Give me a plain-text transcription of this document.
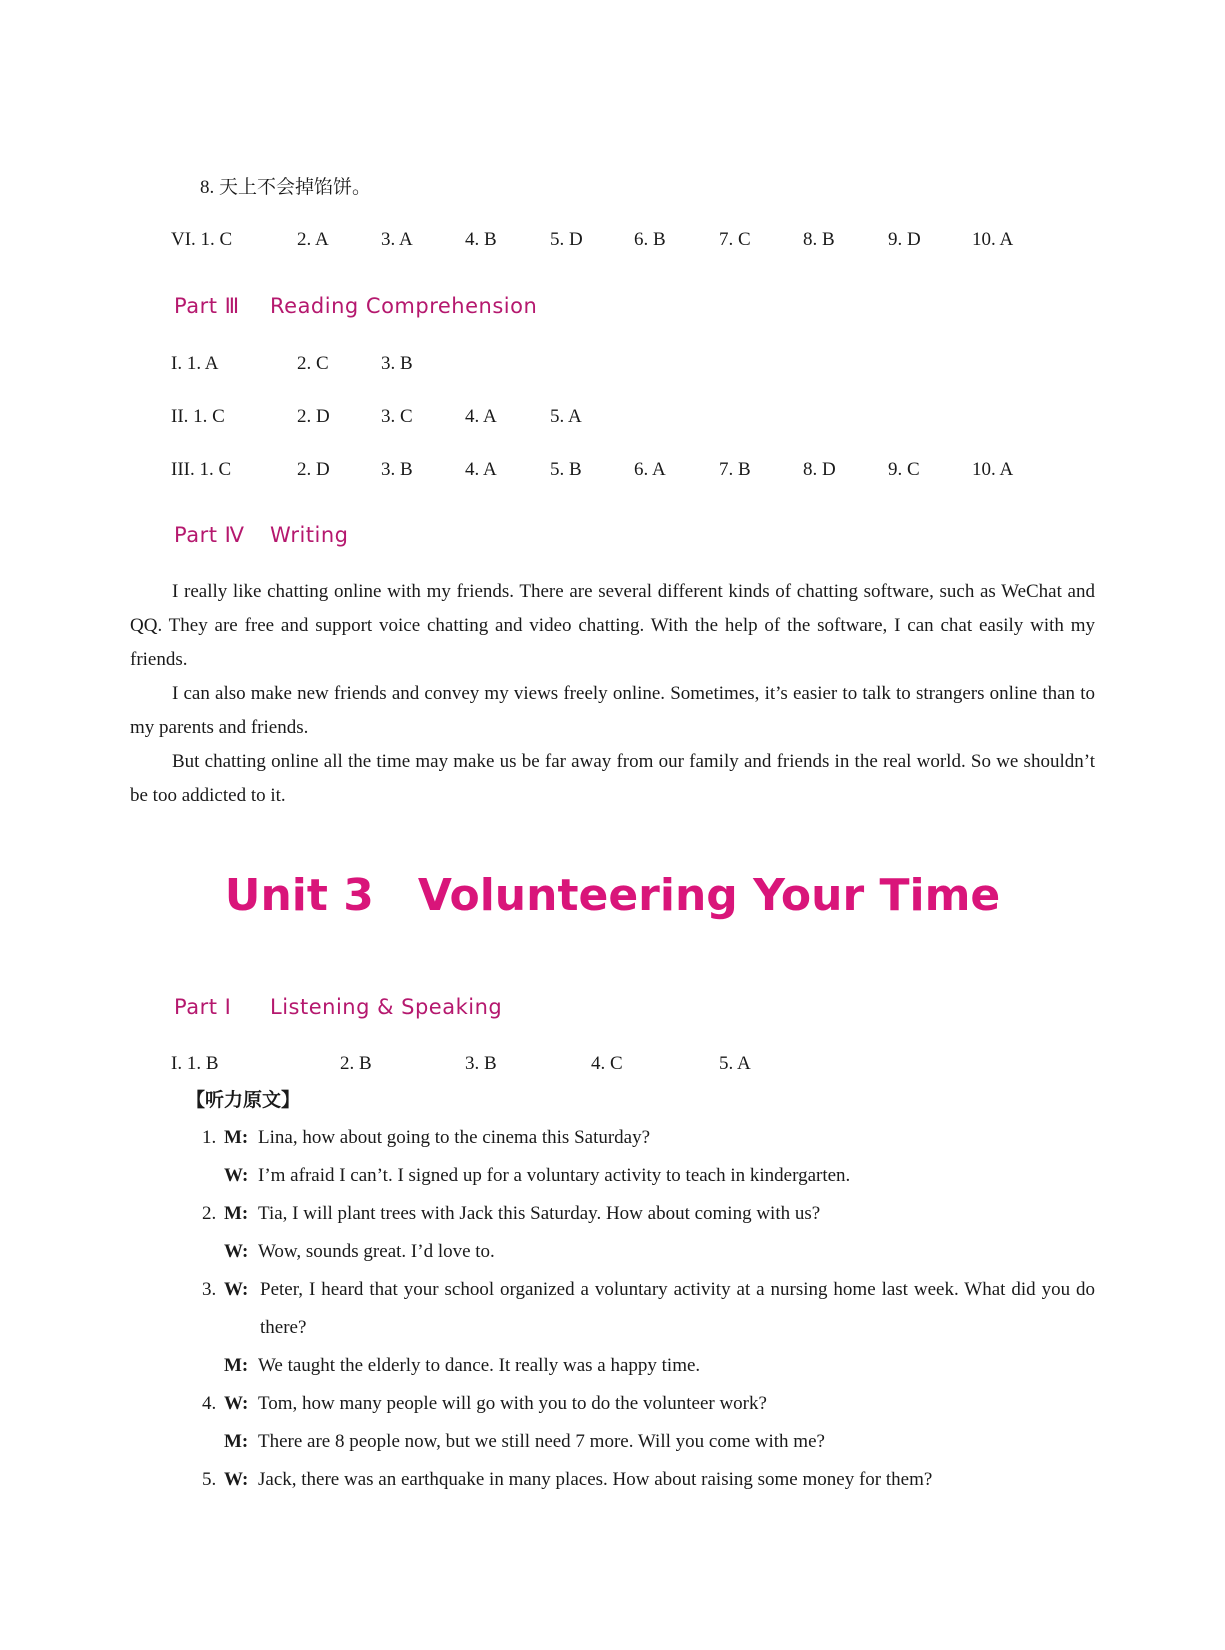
8. 天上不会掉馅饼。
VI. 1. C	2. A	3. A	4. B	5. D	6. B	7. C	8. B	9. D	10. A
Part Ⅲ Reading Comprehension
I. 1. A	2. C	3. B
II. 1. C	2. D	3. C	4. A	5. A
III. 1. C	2. D	3. B	4. A	5. B	6. A	7. B	8. D	9. C	10. A
Part Ⅳ Writing

I really like chatting online with my friends. There are several different kinds of chatting software, such as WeChat and QQ. They are free and support voice chatting and video chatting. With the help of the software, I can chat easily with my friends.

I can also make new friends and convey my views freely online. Sometimes, it’s easier to talk to strangers online than to my parents and friends.

But chatting online all the time may make us be far away from our family and friends in the real world. So we shouldn’t be too addicted to it.

Unit 3 Volunteering Your Time
Part Ⅰ Listening & Speaking
I. 1. B	2. B	3. B	4. C	5. A
【听力原文】
1. M: Lina, how about going to the cinema this Saturday?
W: I’m afraid I can’t. I signed up for a voluntary activity to teach in kindergarten.
2. M: Tia, I will plant trees with Jack this Saturday. How about coming with us?
W: Wow, sounds great. I’d love to.
3. W: Peter, I heard that your school organized a voluntary activity at a nursing home last week. What did you do there?
M: We taught the elderly to dance. It really was a happy time.
4. W: Tom, how many people will go with you to do the volunteer work?
M: There are 8 people now, but we still need 7 more. Will you come with me?
5. W: Jack, there was an earthquake in many places. How about raising some money for them?
